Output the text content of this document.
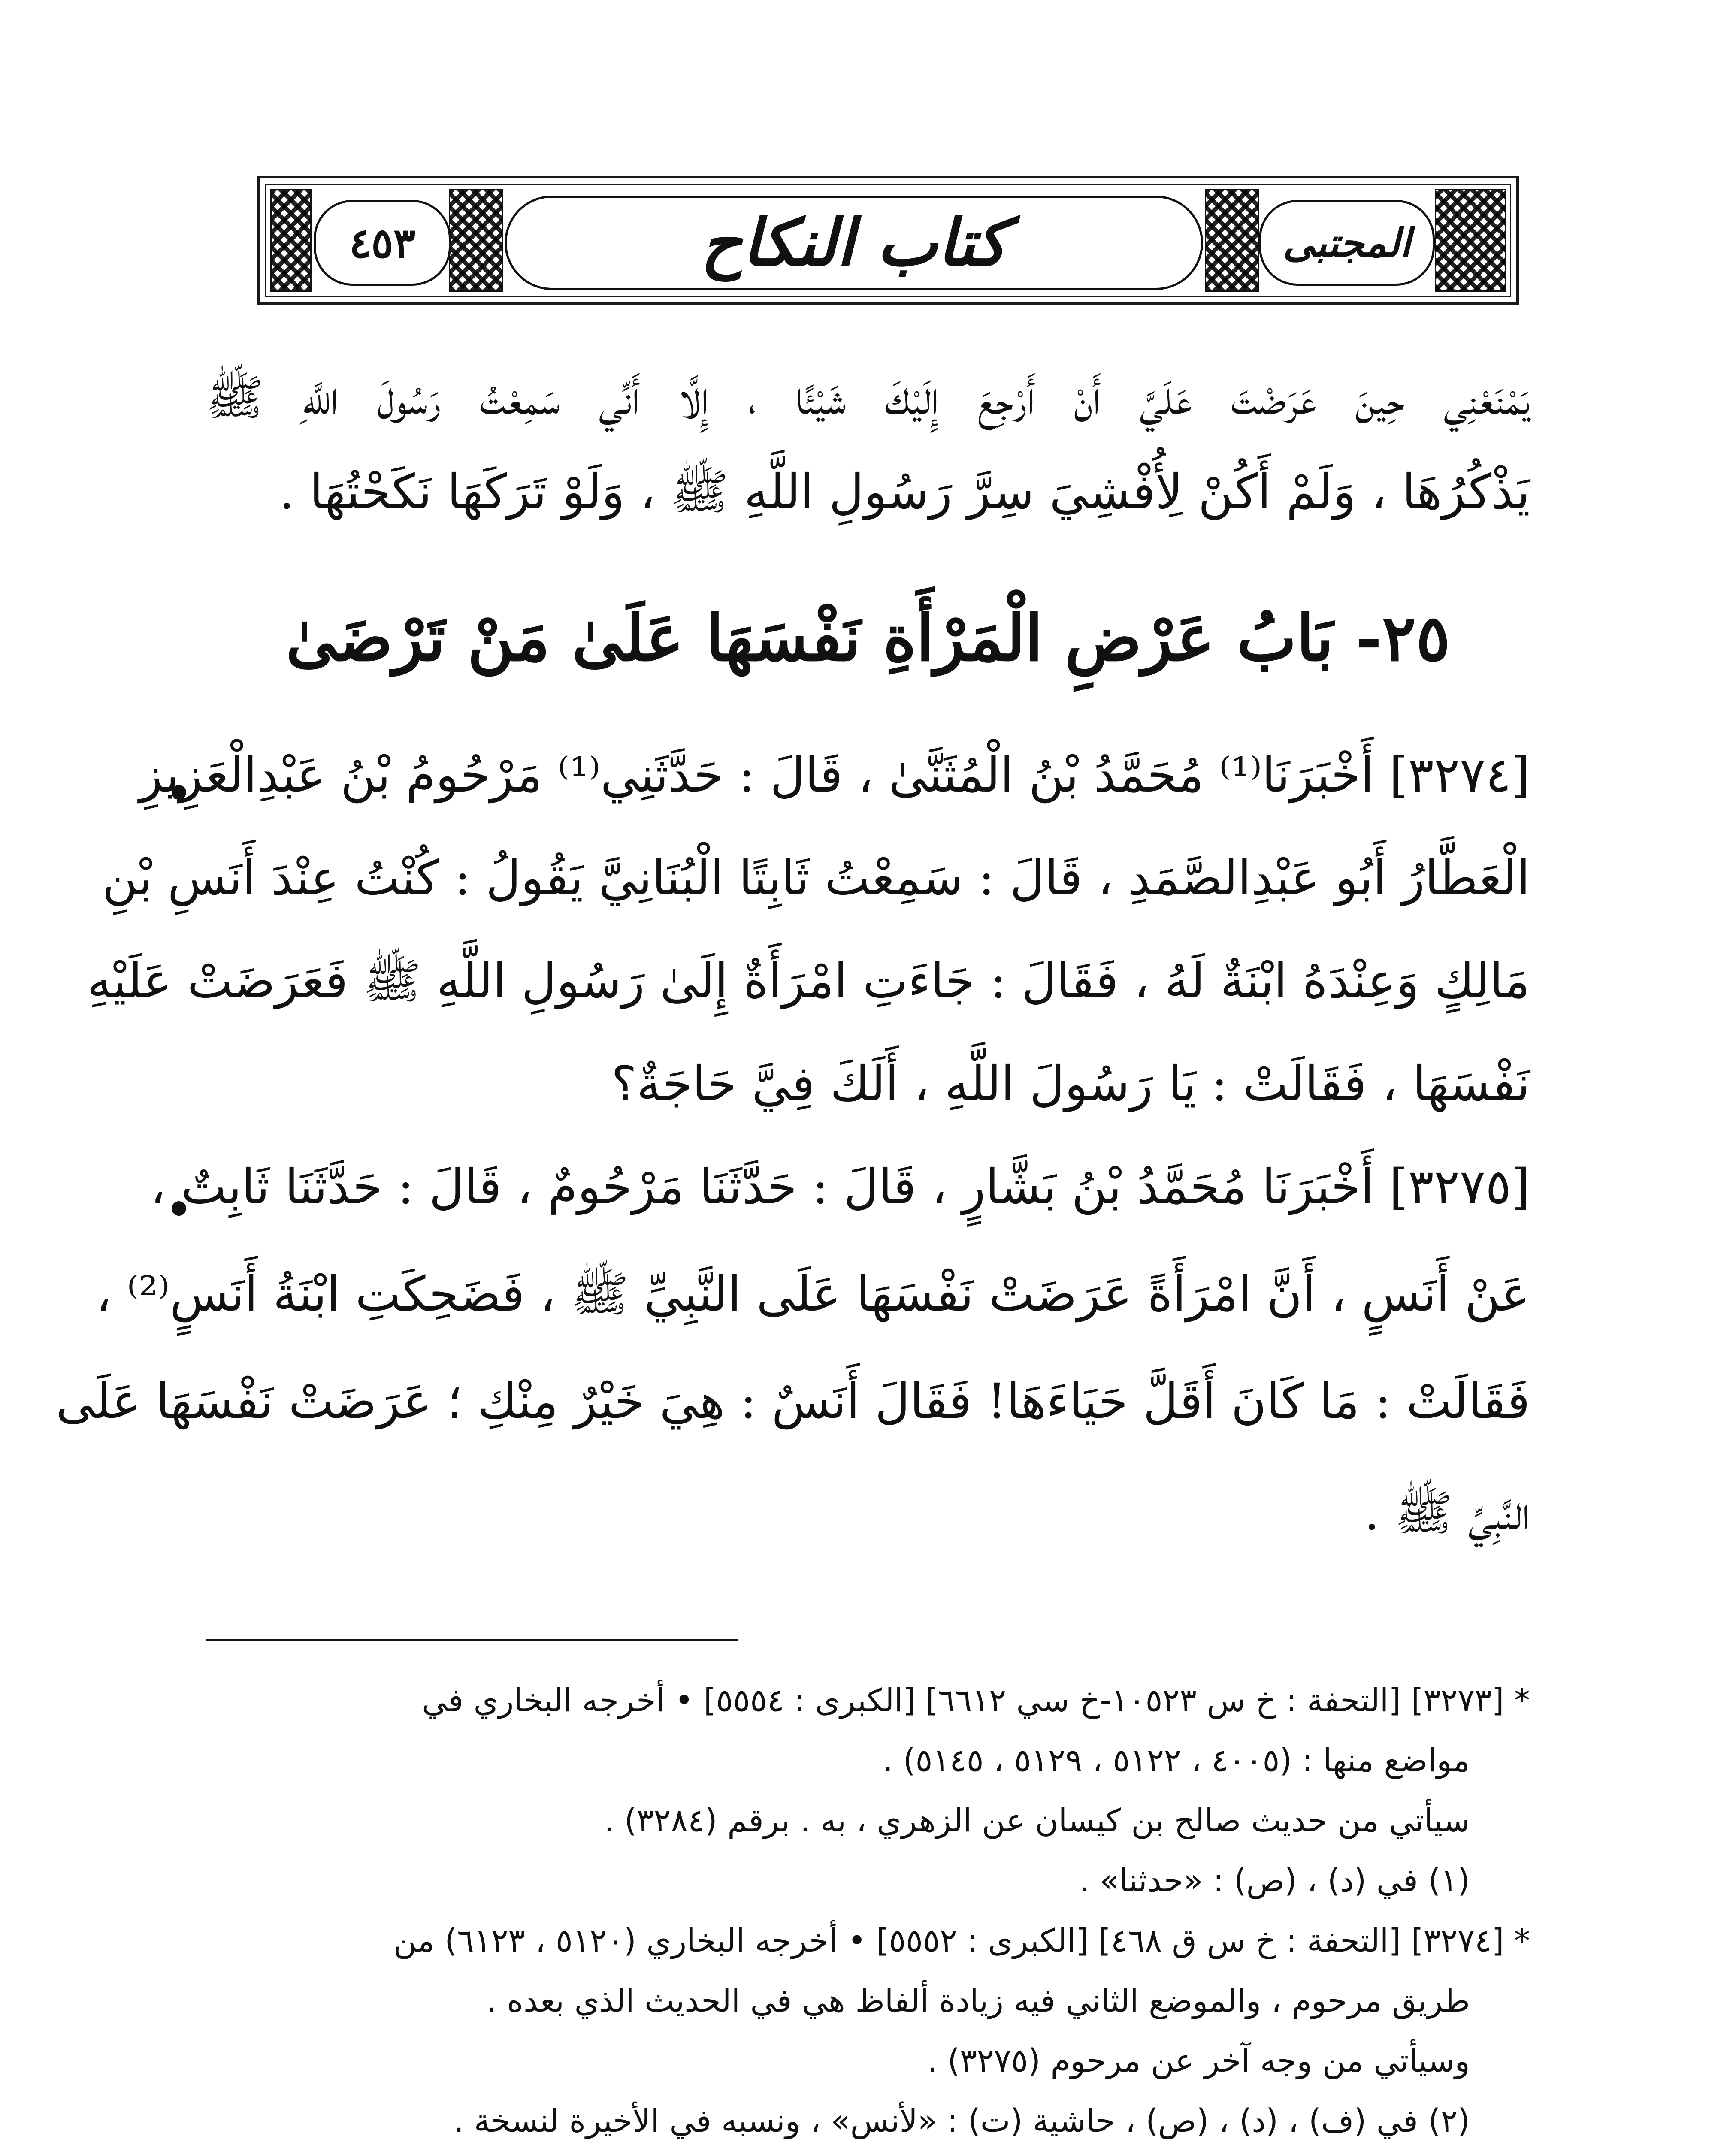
المجتبى
كتاب النكاح
٤٥٣
يَمْنَعْنِي حِينَ عَرَضْتَ عَلَيَّ أَنْ أَرْجِعَ إِلَيْكَ شَيْئًا ، إِلَّا أَنِّي سَمِعْتُ رَسُولَ اللَّهِ ﷺ
يَذْكُرُهَا ، وَلَمْ أَكُنْ لِأُفْشِيَ سِرَّ رَسُولِ اللَّهِ ﷺ ، وَلَوْ تَرَكَهَا نَكَحْتُهَا .
٢٥- بَابُ عَرْضِ الْمَرْأَةِ نَفْسَهَا عَلَىٰ مَنْ تَرْضَىٰ
[٣٢٧٤] أَخْبَرَنَا⁽¹⁾ مُحَمَّدُ بْنُ الْمُثَنَّىٰ ، قَالَ : حَدَّثَنِي⁽¹⁾ مَرْحُومُ بْنُ عَبْدِالْعَزِيزِ
الْعَطَّارُ أَبُو عَبْدِالصَّمَدِ ، قَالَ : سَمِعْتُ ثَابِتًا الْبُنَانِيَّ يَقُولُ : كُنْتُ عِنْدَ أَنَسِ بْنِ
مَالِكٍ وَعِنْدَهُ ابْنَةٌ لَهُ ، فَقَالَ : جَاءَتِ امْرَأَةٌ إِلَىٰ رَسُولِ اللَّهِ ﷺ فَعَرَضَتْ عَلَيْهِ
نَفْسَهَا ، فَقَالَتْ : يَا رَسُولَ اللَّهِ ، أَلَكَ فِيَّ حَاجَةٌ؟
[٣٢٧٥] أَخْبَرَنَا مُحَمَّدُ بْنُ بَشَّارٍ ، قَالَ : حَدَّثَنَا مَرْحُومٌ ، قَالَ : حَدَّثَنَا ثَابِتٌ ،
عَنْ أَنَسٍ ، أَنَّ امْرَأَةً عَرَضَتْ نَفْسَهَا عَلَى النَّبِيِّ ﷺ ، فَضَحِكَتِ ابْنَةُ أَنَسٍ⁽²⁾ ،
فَقَالَتْ : مَا كَانَ أَقَلَّ حَيَاءَهَا! فَقَالَ أَنَسٌ : هِيَ خَيْرٌ مِنْكِ ؛ عَرَضَتْ نَفْسَهَا عَلَى
النَّبِيِّ ﷺ .
* [٣٢٧٣] [التحفة : خ س ١٠٥٢٣-خ سي ٦٦١٢] [الكبرى : ٥٥٥٤] • أخرجه البخاري في
مواضع منها : (٤٠٠٥ ، ٥١٢٢ ، ٥١٢٩ ، ٥١٤٥) .
سيأتي من حديث صالح بن كيسان عن الزهري ، به . برقم (٣٢٨٤) .
(١) في (د) ، (ص) : «حدثنا» .
* [٣٢٧٤] [التحفة : خ س ق ٤٦٨] [الكبرى : ٥٥٥٢] • أخرجه البخاري (٥١٢٠ ، ٦١٢٣) من
طريق مرحوم ، والموضع الثاني فيه زيادة ألفاظ هي في الحديث الذي بعده .
وسيأتي من وجه آخر عن مرحوم (٣٢٧٥) .
(٢) في (ف) ، (د) ، (ص) ، حاشية (ت) : «لأنس» ، ونسبه في الأخيرة لنسخة .
